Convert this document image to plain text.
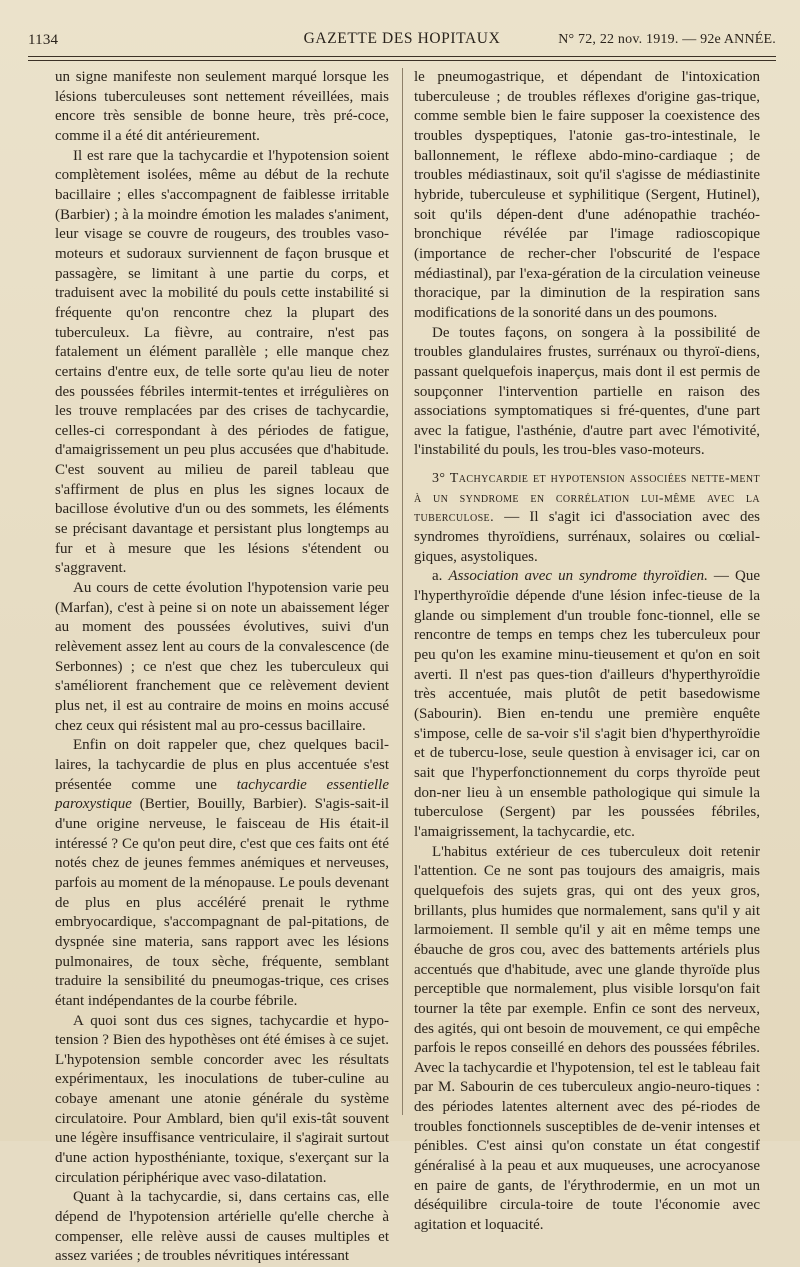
1134	GAZETTE DES HOPITAUX	N° 72, 22 nov. 1919. — 92e ANNÉE.

un signe manifeste non seulement marqué lorsque les lésions tuberculeuses sont nettement réveillées, mais encore très sensible de bonne heure, très pré-coce, comme il a été dit antérieurement.

Il est rare que la tachycardie et l'hypotension soient complètement isolées, même au début de la rechute bacillaire ; elles s'accompagnent de faiblesse irritable (Barbier) ; à la moindre émotion les malades s'animent, leur visage se couvre de rougeurs, des troubles vaso-moteurs et sudoraux surviennent de façon brusque et passagère, se limitant à une partie du corps, et traduisent avec la mobilité du pouls cette instabilité si fréquente qu'on rencontre chez la plupart des tuberculeux. La fièvre, au contraire, n'est pas fatalement un élément parallèle ; elle manque chez certains d'entre eux, de telle sorte qu'au lieu de noter des poussées fébriles intermit-tentes et irrégulières on les trouve remplacées par des crises de tachycardie, celles-ci correspondant à des périodes de fatigue, d'amaigrissement un peu plus accusées que d'habitude. C'est souvent au milieu de pareil tableau que s'affirment de plus en plus les signes locaux de bacillose évolutive d'un ou des sommets, les éléments se précisant davantage et persistant plus longtemps au fur et à mesure que les lésions s'étendent ou s'aggravent.

Au cours de cette évolution l'hypotension varie peu (Marfan), c'est à peine si on note un abaissement léger au moment des poussées évolutives, suivi d'un relèvement assez lent au cours de la convalescence (de Serbonnes) ; ce n'est que chez les tuberculeux qui s'améliorent franchement que ce relèvement devient plus net, il est au contraire de moins en moins accusé chez ceux qui résistent mal au pro-cessus bacillaire.

Enfin on doit rappeler que, chez quelques bacil-laires, la tachycardie de plus en plus accentuée s'est présentée comme une tachycardie essentielle paroxystique (Bertier, Bouilly, Barbier). S'agis-sait-il d'une origine nerveuse, le faisceau de His était-il intéressé ? Ce qu'on peut dire, c'est que ces faits ont été notés chez de jeunes femmes anémiques et nerveuses, parfois au moment de la ménopause. Le pouls devenant de plus en plus accéléré prenait le rythme embryocardique, s'accompagnant de pal-pitations, de dyspnée sine materia, sans rapport avec les lésions pulmonaires, de toux sèche, fréquente, semblant traduire la sensibilité du pneumogas-trique, ces crises étant indépendantes de la courbe fébrile.

A quoi sont dus ces signes, tachycardie et hypo-tension ? Bien des hypothèses ont été émises à ce sujet. L'hypotension semble concorder avec les résultats expérimentaux, les inoculations de tuber-culine au cobaye amenant une atonie générale du système circulatoire. Pour Amblard, bien qu'il exis-tât souvent une légère insuffisance ventriculaire, il s'agirait surtout d'une action hyposthéniante, toxique, s'exerçant sur la circulation périphérique avec vaso-dilatation.

Quant à la tachycardie, si, dans certains cas, elle dépend de l'hypotension artérielle qu'elle cherche à compenser, elle relève aussi de causes multiples et assez variées ; de troubles névritiques intéressant

le pneumogastrique, et dépendant de l'intoxication tuberculeuse ; de troubles réflexes d'origine gas-trique, comme semble bien le faire supposer la coexistence des troubles dyspeptiques, l'atonie gas-tro-intestinale, le ballonnement, le réflexe abdo-mino-cardiaque ; de troubles médiastinaux, soit qu'il s'agisse de médiastinite hybride, tuberculeuse et syphilitique (Sergent, Hutinel), soit qu'ils dépen-dent d'une adénopathie trachéo-bronchique révélée par l'image radioscopique (importance de recher-cher l'obscurité de l'espace médiastinal), par l'exa-gération de la circulation veineuse thoracique, par la diminution de la respiration sans modifications de la sonorité dans un des poumons.

De toutes façons, on songera à la possibilité de troubles glandulaires frustes, surrénaux ou thyroï-diens, passant quelquefois inaperçus, mais dont il est permis de soupçonner l'intervention partielle en raison des associations symptomatiques si fré-quentes, d'une part avec la fatigue, l'asthénie, d'autre part avec l'émotivité, l'instabilité du pouls, les trou-bles vaso-moteurs.

3° Tachycardie et hypotension associées nette-ment à un syndrome en corrélation lui-même avec la tuberculose. — Il s'agit ici d'association avec des syndromes thyroïdiens, surrénaux, solaires ou cœlial-giques, asystoliques.

a. Association avec un syndrome thyroïdien. — Que l'hyperthyroïdie dépende d'une lésion infec-tieuse de la glande ou simplement d'un trouble fonc-tionnel, elle se rencontre de temps en temps chez les tuberculeux pour peu qu'on les examine minu-tieusement et qu'on en soit averti. Il n'est pas ques-tion d'ailleurs d'hyperthyroïdie très accentuée, mais plutôt de petit basedowisme (Sabourin). Bien en-tendu une première enquête s'impose, celle de sa-voir s'il s'agit bien d'hyperthyroïdie et de tubercu-lose, seule question à envisager ici, car on sait que l'hyperfonctionnement du corps thyroïde peut don-ner lieu à un ensemble pathologique qui simule la tuberculose (Sergent) par les poussées fébriles, l'amaigrissement, la tachycardie, etc.

L'habitus extérieur de ces tuberculeux doit retenir l'attention. Ce ne sont pas toujours des amaigris, mais quelquefois des sujets gras, qui ont des yeux gros, brillants, plus humides que normalement, sans qu'il y ait larmoiement. Il semble qu'il y ait en même temps une ébauche de gros cou, avec des battements artériels plus accentués que d'habitude, avec une glande thyroïde plus perceptible que normalement, plus visible lorsqu'on fait tourner la tête par exemple. Enfin ce sont des nerveux, des agités, qui ont besoin de mouvement, ce qui empêche parfois le repos conseillé en dehors des poussées fébriles. Avec la tachycardie et l'hypotension, tel est le tableau fait par M. Sabourin de ces tuberculeux angio-neuro-tiques : des périodes latentes alternent avec des pé-riodes de troubles fonctionnels susceptibles de de-venir intenses et pénibles. C'est ainsi qu'on constate un état congestif généralisé à la peau et aux muqueuses, une acrocyanose en paire de gants, de l'érythrodermie, en un mot un déséquilibre circula-toire de toute l'économie avec agitation et loquacité.
